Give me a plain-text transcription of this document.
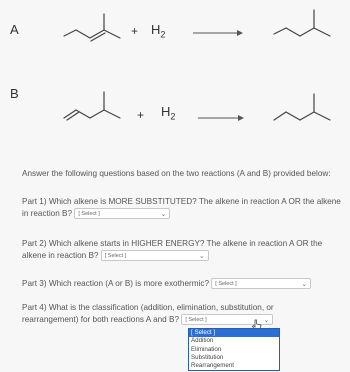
A
B
+ $H_2$
+ $H_2$
Answer the following questions based on the two reactions (A and B) provided below:
Part 1) Which alkene is MORE SUBSTITUTED? The alkene in reaction A OR the alkene
in reaction B? [ Select ]	⌄
Part 2) Which alkene starts in HIGHER ENERGY? The alkene in reaction A OR the
alkene in reaction B? [ Select ]	⌄
Part 3) Which reaction (A or B) is more exothermic? [ Select ]	⌄
Part 4) What is the classification (addition, elimination, substitution, or
rearrangement) for both reactions A and B? [ Select ]	⌄
[ Select ]
Addition
Elimination
Substitution
Rearrangement
